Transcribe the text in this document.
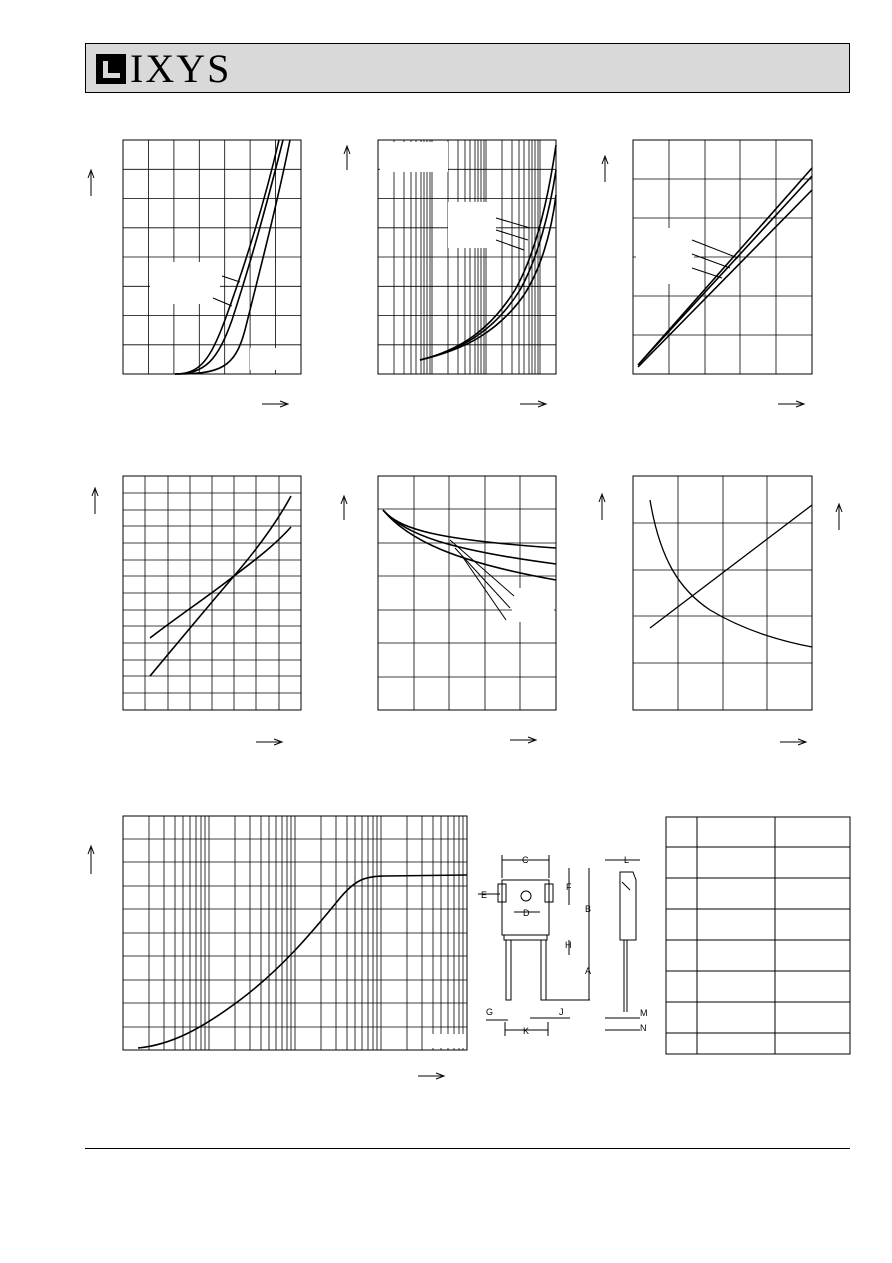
IXYS
C
F
E
D	B
H
A
G	J
K
L
M
N
